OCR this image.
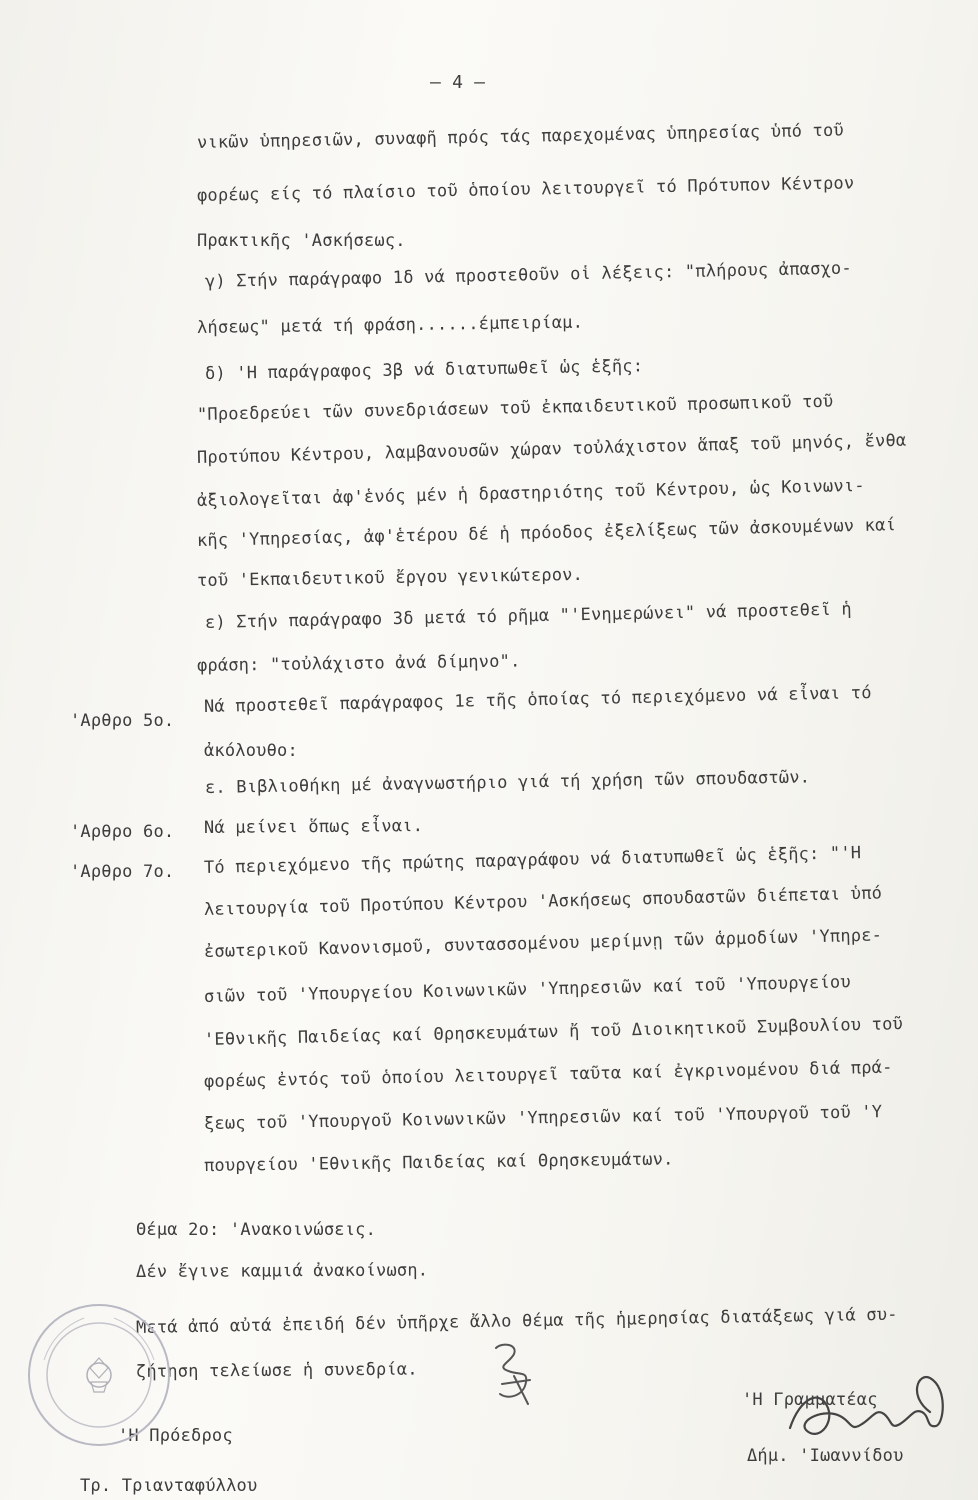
— 4 —
νικῶν ὑπηρεσιῶν, συναφῆ πρός τάς παρεχομένας ὑπηρεσίας ὑπό τοῦ
φορέως είς τό πλαίσιο τοῦ ὁποίου λειτουργεῖ τό Πρότυπον Κέντρον
Πρακτικῆς 'Ασκήσεως.
γ) Στήν παράγραφο 1δ νά προστεθοῦν οἱ λέξεις: "πλήρους ἀπασχο-
λήσεως" μετά τή φράση......έμπειρίαμ.
δ) 'Η παράγραφος 3β νά διατυπωθεῖ ὡς ἑξῆς:
"Προεδρεύει τῶν συνεδριάσεων τοῦ ἐκπαιδευτικοῦ προσωπικοῦ τοῦ
Προτύπου Κέντρου, λαμβανουσῶν χώραν τοὐλάχιστον ἅπαξ τοῦ μηνός, ἔνθα
ἀξιολογεῖται ἀφ'ἑνός μέν ἡ δραστηριότης τοῦ Κέντρου, ὡς Κοινωνι-
κῆς 'Υπηρεσίας, ἀφ'ἑτέρου δέ ἡ πρόοδος ἐξελίξεως τῶν ἀσκουμένων καί
τοῦ 'Εκπαιδευτικοῦ ἔργου γενικώτερον.
ε) Στήν παράγραφο 3δ μετά τό ρῆμα "'Ενημερώνει" νά προστεθεῖ ἡ
φράση: "τοὐλάχιστο ἀνά δίμηνο".
Νά προστεθεῖ παράγραφος 1ε τῆς ὁποίας τό περιεχόμενο νά εἶναι τό
ἀκόλουθο:
ε. Βιβλιοθήκη μέ ἀναγνωστήριο γιά τή χρήση τῶν σπουδαστῶν.
Νά μείνει ὅπως εἶναι.
Τό περιεχόμενο τῆς πρώτης παραγράφου νά διατυπωθεῖ ὡς ἑξῆς: "'Η
λειτουργία τοῦ Προτύπου Κέντρου 'Ασκήσεως σπουδαστῶν διέπεται ὑπό
ἐσωτερικοῦ Κανονισμοῦ, συντασσομένου μερίμνῃ τῶν ἁρμοδίων 'Υπηρε-
σιῶν τοῦ 'Υπουργείου Κοινωνικῶν 'Υπηρεσιῶν καί τοῦ 'Υπουργείου
'Εθνικῆς Παιδείας καί Θρησκευμάτων ἤ τοῦ Διοικητικοῦ Συμβουλίου τοῦ
φορέως ἐντός τοῦ ὁποίου λειτουργεῖ ταῦτα καί ἐγκρινομένου διά πρά-
ξεως τοῦ 'Υπουργοῦ Κοινωνικῶν 'Υπηρεσιῶν καί τοῦ 'Υπουργοῦ τοῦ 'Υ
πουργείου 'Εθνικῆς Παιδείας καί Θρησκευμάτων.
Θέμα 2ο: 'Ανακοινώσεις.
Δέν ἔγινε καμμιά ἀνακοίνωση.
Μετά ἀπό αὐτά ἐπειδή δέν ὑπῆρχε ἄλλο θέμα τῆς ἡμερησίας διατάξεως γιά συ-
ζήτηση τελείωσε ἡ συνεδρία.
'Αρθρο 5ο.
'Αρθρο 6ο.
'Αρθρο 7ο.
'Η Πρόεδρος
Τρ. Τριανταφύλλου
'Η Γραμματέας
Δήμ. 'Ιωαννίδου
